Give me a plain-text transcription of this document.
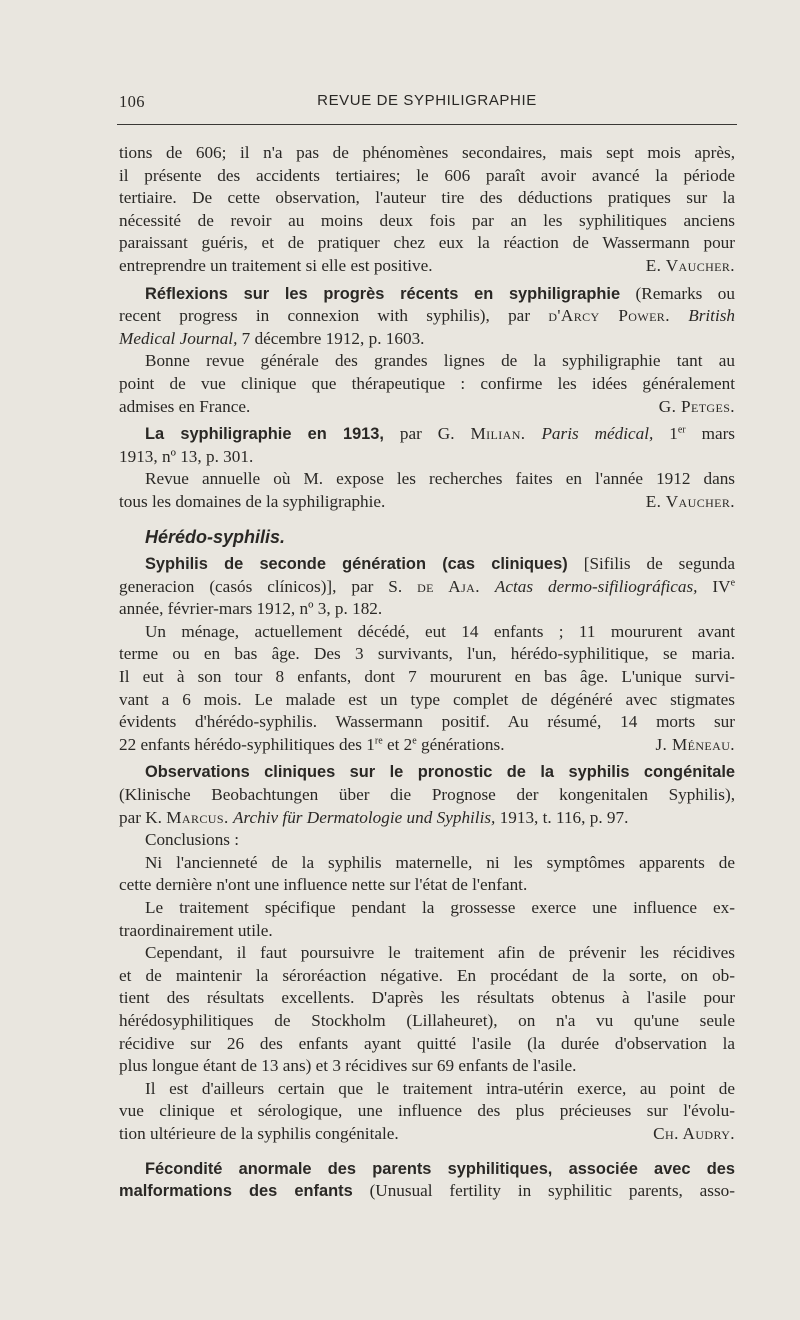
106	REVUE DE SYPHILIGRAPHIE
tions de 606; il n'a pas de phénomènes secondaires, mais sept mois après,
il présente des accidents tertiaires; le 606 paraît avoir avancé la période
tertiaire. De cette observation, l'auteur tire des déductions pratiques sur la
nécessité de revoir au moins deux fois par an les syphilitiques anciens
paraissant guéris, et de pratiquer chez eux la réaction de Wassermann pour
entreprendre un traitement si elle est positive.	E. Vaucher.
Réflexions sur les progrès récents en syphiligraphie (Remarks ou
recent progress in connexion with syphilis), par d'Arcy Power. British
Medical Journal, 7 décembre 1912, p. 1603.
Bonne revue générale des grandes lignes de la syphiligraphie tant au
point de vue clinique que thérapeutique : confirme les idées généralement
admises en France.	G. Petges.
La syphiligraphie en 1913, par G. Milian. Paris médical, 1er mars
1913, nº 13, p. 301.
Revue annuelle où M. expose les recherches faites en l'année 1912 dans
tous les domaines de la syphiligraphie.	E. Vaucher.
Hérédo-syphilis.
Syphilis de seconde génération (cas cliniques) [Sifilis de segunda
generacion (casós clínicos)], par S. de Aja. Actas dermo-sifiliográficas, IVe
année, février-mars 1912, nº 3, p. 182.
Un ménage, actuellement décédé, eut 14 enfants ; 11 moururent avant
terme ou en bas âge. Des 3 survivants, l'un, hérédo-syphilitique, se maria.
Il eut à son tour 8 enfants, dont 7 moururent en bas âge. L'unique survi-
vant a 6 mois. Le malade est un type complet de dégénéré avec stigmates
évidents d'hérédo-syphilis. Wassermann positif. Au résumé, 14 morts sur
22 enfants hérédo-syphilitiques des 1re et 2e générations.	J. Méneau.
Observations cliniques sur le pronostic de la syphilis congénitale
(Klinische Beobachtungen über die Prognose der kongenitalen Syphilis),
par K. Marcus. Archiv für Dermatologie und Syphilis, 1913, t. 116, p. 97.
Conclusions :
Ni l'ancienneté de la syphilis maternelle, ni les symptômes apparents de
cette dernière n'ont une influence nette sur l'état de l'enfant.
Le traitement spécifique pendant la grossesse exerce une influence ex-
traordinairement utile.
Cependant, il faut poursuivre le traitement afin de prévenir les récidives
et de maintenir la séroréaction négative. En procédant de la sorte, on ob-
tient des résultats excellents. D'après les résultats obtenus à l'asile pour
hérédosyphilitiques de Stockholm (Lillaheuret), on n'a vu qu'une seule
récidive sur 26 des enfants ayant quitté l'asile (la durée d'observation la
plus longue étant de 13 ans) et 3 récidives sur 69 enfants de l'asile.
Il est d'ailleurs certain que le traitement intra-utérin exerce, au point de
vue clinique et sérologique, une influence des plus précieuses sur l'évolu-
tion ultérieure de la syphilis congénitale.	Ch. Audry.
Fécondité anormale des parents syphilitiques, associée avec des
malformations des enfants (Unusual fertility in syphilitic parents, asso-
